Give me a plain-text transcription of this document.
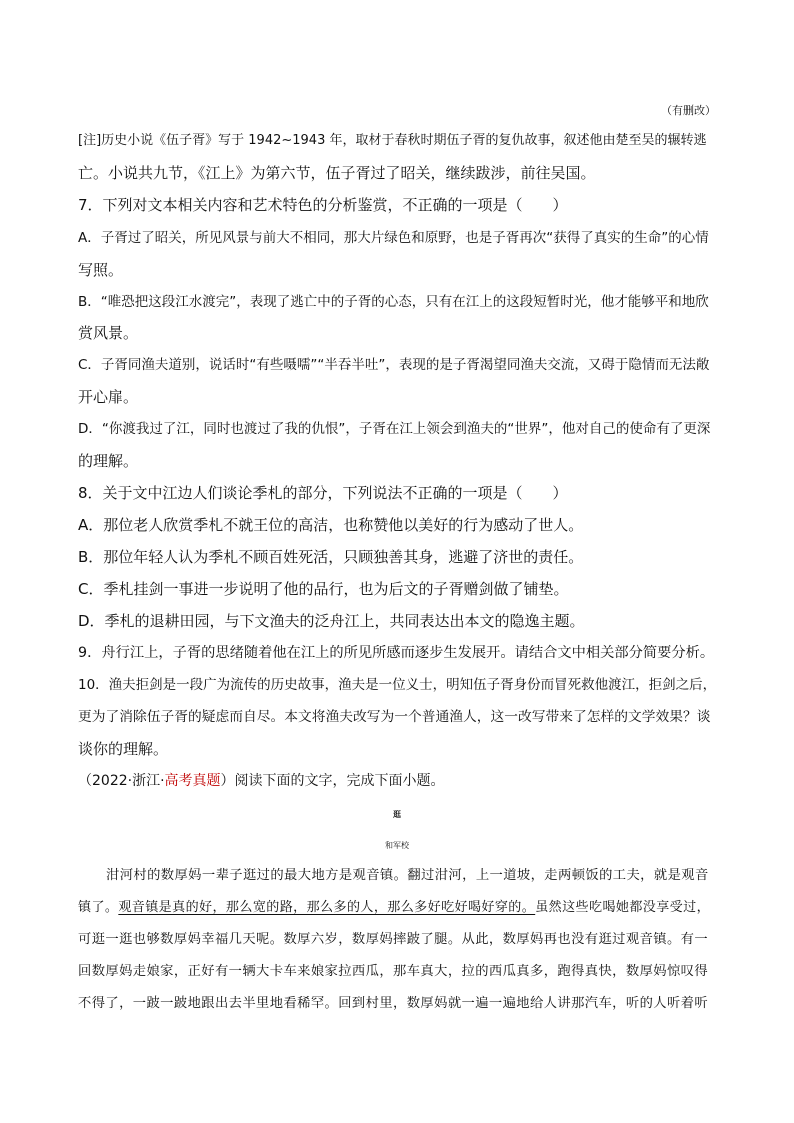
（有删改）
[注]历史小说《伍子胥》写于 1942~1943 年，取材于春秋时期伍子胥的复仇故事，叙述他由楚至吴的辗转逃
亡。小说共九节，《江上》为第六节，伍子胥过了昭关，继续跋涉，前往吴国。
7．下列对文本相关内容和艺术特色的分析鉴赏，不正确的一项是（　　）
A．子胥过了昭关，所见风景与前大不相同，那大片绿色和原野，也是子胥再次“获得了真实的生命”的心情
写照。
B．“唯恐把这段江水渡完”，表现了逃亡中的子胥的心态，只有在江上的这段短暂时光，他才能够平和地欣
赏风景。
C．子胥同渔夫道别，说话时“有些嗫嚅”“半吞半吐”，表现的是子胥渴望同渔夫交流，又碍于隐情而无法敞
开心扉。
D．“你渡我过了江，同时也渡过了我的仇恨”，子胥在江上领会到渔夫的“世界”，他对自己的使命有了更深
的理解。
8．关于文中江边人们谈论季札的部分，下列说法不正确的一项是（　　）
A．那位老人欣赏季札不就王位的高洁，也称赞他以美好的行为感动了世人。
B．那位年轻人认为季札不顾百姓死活，只顾独善其身，逃避了济世的责任。
C．季札挂剑一事进一步说明了他的品行，也为后文的子胥赠剑做了铺垫。
D．季札的退耕田园，与下文渔夫的泛舟江上，共同表达出本文的隐逸主题。
9．舟行江上，子胥的思绪随着他在江上的所见所感而逐步生发展开。请结合文中相关部分简要分析。
10．渔夫拒剑是一段广为流传的历史故事，渔夫是一位义士，明知伍子胥身份而冒死救他渡江，拒剑之后，
更为了消除伍子胥的疑虑而自尽。本文将渔夫改写为一个普通渔人，这一改写带来了怎样的文学效果？谈
谈你的理解。
（2022·浙江·高考真题）阅读下面的文字，完成下面小题。
逛
和军校
泔河村的数厚妈一辈子逛过的最大地方是观音镇。翻过泔河，上一道坡，走两顿饭的工夫，就是观音
镇了。观音镇是真的好，那么宽的路，那么多的人，那么多好吃好喝好穿的。虽然这些吃喝她都没享受过，
可逛一逛也够数厚妈幸福几天呢。数厚六岁，数厚妈摔跛了腿。从此，数厚妈再也没有逛过观音镇。有一
回数厚妈走娘家，正好有一辆大卡车来娘家拉西瓜，那车真大，拉的西瓜真多，跑得真快，数厚妈惊叹得
不得了，一跛一跛地跟出去半里地看稀罕。回到村里，数厚妈就一遍一遍地给人讲那汽车，听的人听着听
